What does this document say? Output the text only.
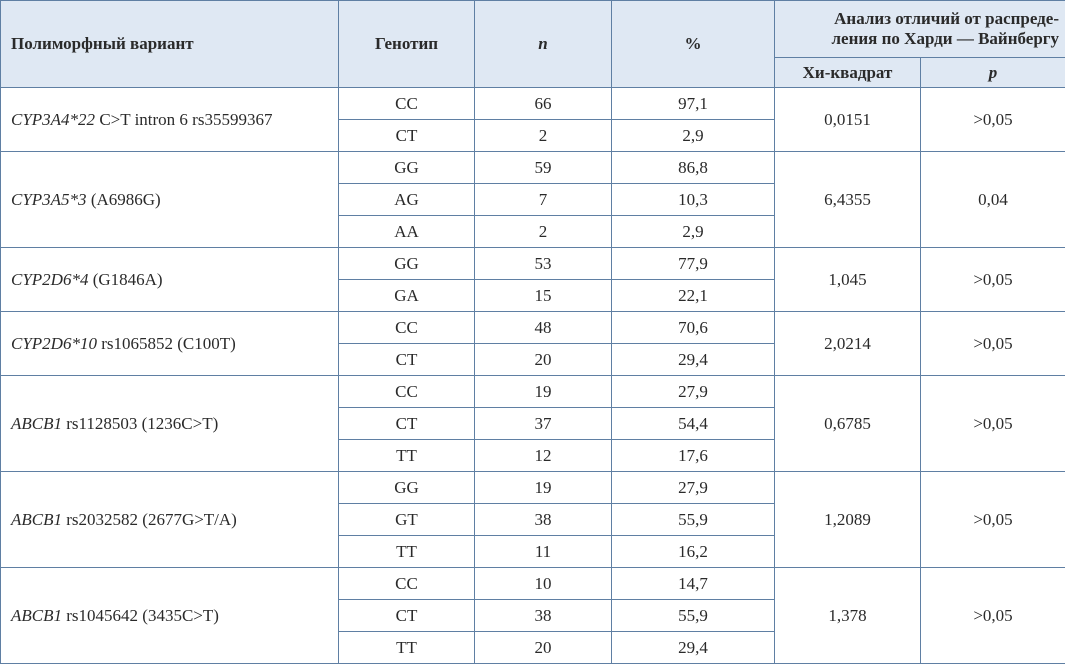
Полиморфный вариант	Генотип	n	%	Анализ отличий от распреде-
ления по Харди — Вайнбергу	

				Хи-квадрат	p
CYP3A4*22 C>T intron 6 rs35599367	CC	66	97,1	0,0151	>0,05
	CT	2	2,9		
CYP3A5*3 (A6986G)	GG	59	86,8	6,4355	0,04
	AG	7	10,3		
	AA	2	2,9		
CYP2D6*4 (G1846A)	GG	53	77,9	1,045	>0,05
	GA	15	22,1		
CYP2D6*10 rs1065852 (C100T)	CC	48	70,6	2,0214	>0,05
	CT	20	29,4		
ABCB1 rs1128503 (1236C>T)	CC	19	27,9	0,6785	>0,05
	CT	37	54,4		
	TT	12	17,6		
ABCB1 rs2032582 (2677G>T/A)	GG	19	27,9	1,2089	>0,05
	GT	38	55,9		
	TT	11	16,2		
ABCB1 rs1045642 (3435C>T)	CC	10	14,7	1,378	>0,05
	CT	38	55,9		
	TT	20	29,4		
